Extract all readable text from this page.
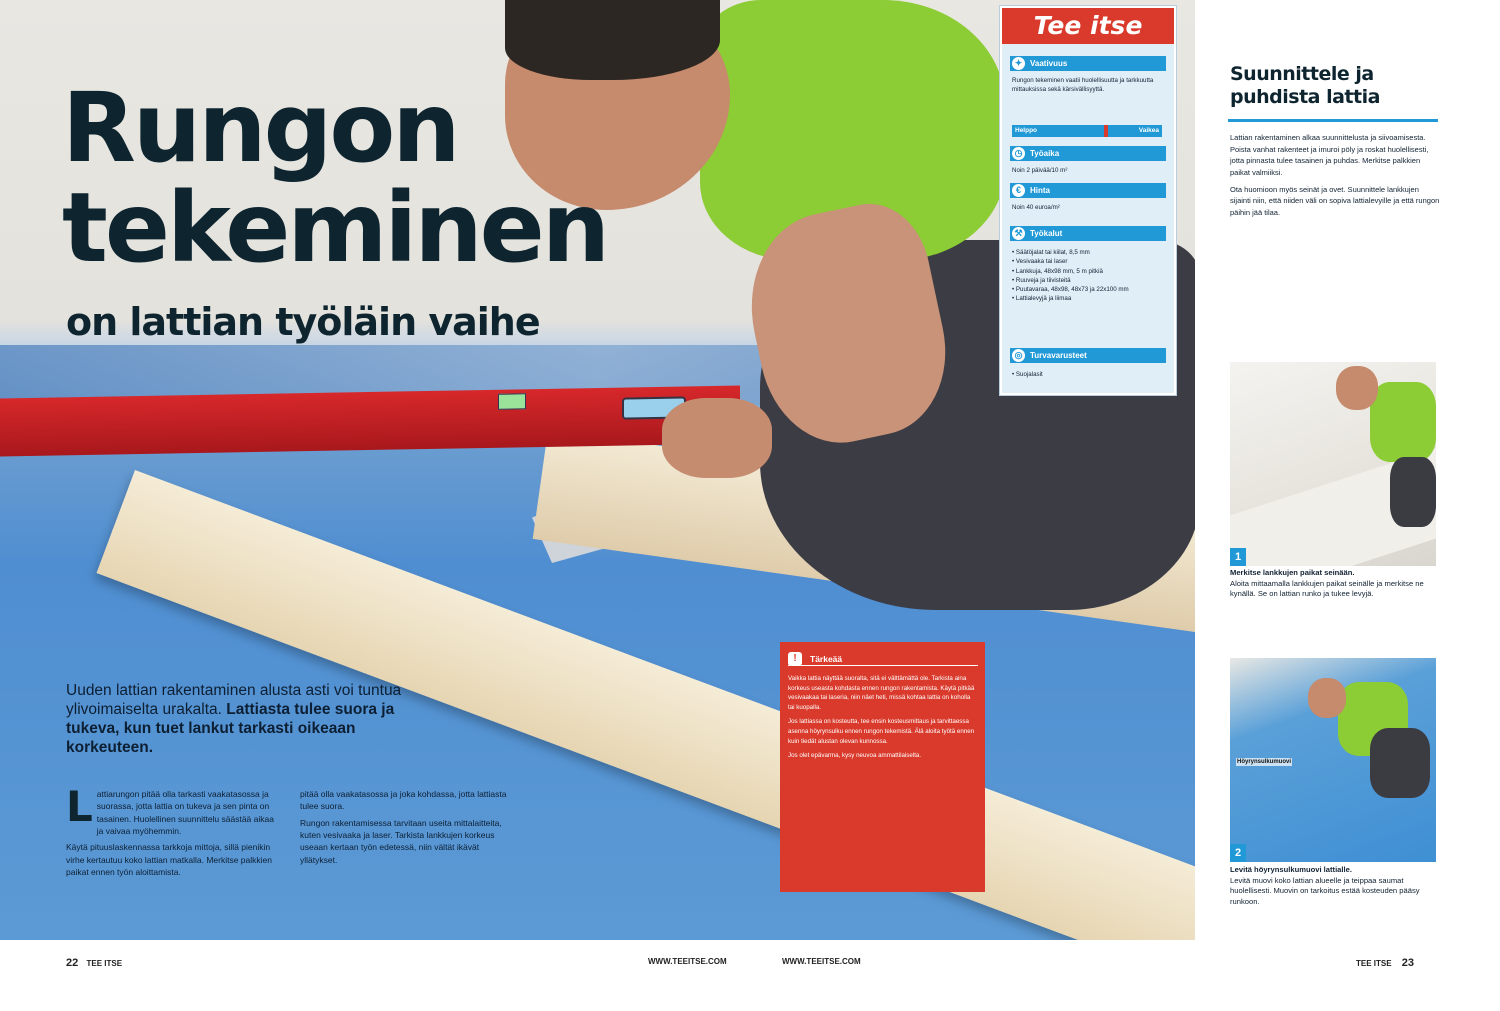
Rungon
tekeminen
on lattian työläin vaihe
Uuden lattian rakentaminen alusta asti voi tuntua ylivoimaiselta urakalta. Lattiasta tulee suora ja tukeva, kun tuet lankut tarkasti oikeaan korkeuteen.
L attiarungon pitää olla tarkasti vaakatasossa ja suorassa, jotta lattia on tukeva ja sen pinta on tasainen. Huolellinen suunnittelu säästää aikaa ja vaivaa myöhemmin.

Käytä pituuslaskennassa tarkkoja mittoja, sillä pienikin virhe kertautuu koko lattian matkalla. Merkitse palkkien paikat ennen työn aloittamista.

pitää olla vaakatasossa ja joka kohdassa, jotta lattiasta tulee suora.

Rungon rakentamisessa tarvitaan useita mittalaitteita, kuten vesivaaka ja laser. Tarkista lankkujen korkeus useaan kertaan työn edetessä, niin vältät ikävät yllätykset.

Tee itse
✦ Vaativuus
Rungon tekeminen vaatii huolellisuutta ja tarkkuutta mittauksissa sekä kärsivällisyyttä.
Helppo	Vaikea
◷ Työaika
Noin 2 päivää/10 m²
€	Hinta
Noin 40 euroa/m²
⚒ Työkalut
• Säätöjalat tai kiilat, 8,5 mm
• Vesivaaka tai laser
• Lankkuja, 48x98 mm, 5 m pitkiä
• Ruuveja ja tiivisteitä
• Puutavaraa, 48x98, 48x73 ja 22x100 mm
• Lattialevyjä ja liimaa
◎ Turvavarusteet
• Suojalasit
!	Tärkeää

Vaikka lattia näyttää suoralta, sitä ei välttämättä ole. Tarkista aina korkeus useasta kohdasta ennen rungon rakentamista. Käytä pitkää vesivaakaa tai laseria, niin näet heti, missä kohtaa lattia on koholla tai kuopalla.

Jos lattiassa on kosteutta, tee ensin kosteusmittaus ja tarvittaessa asenna höyrynsulku ennen rungon tekemistä. Älä aloita työtä ennen kuin tiedät alustan olevan kunnossa.

Jos olet epävarma, kysy neuvoa ammattilaiselta.

Suunnittele ja puhdista lattia

Lattian rakentaminen alkaa suunnittelusta ja siivoamisesta. Poista vanhat rakenteet ja imuroi pöly ja roskat huolellisesti, jotta pinnasta tulee tasainen ja puhdas. Merkitse palkkien paikat valmiiksi.

Ota huomioon myös seinät ja ovet. Suunnittele lankkujen sijainti niin, että niiden väli on sopiva lattialevyille ja että rungon päihin jää tilaa.

1
Merkitse lankkujen paikat seinään.
Aloita mittaamalla lankkujen paikat seinälle ja merkitse ne kynällä. Se on lattian runko ja tukee levyjä.
Höyrynsulkumuovi
2
Levitä höyrynsulkumuovi lattialle.
Levitä muovi koko lattian alueelle ja teippaa saumat huolellisesti. Muovin on tarkoitus estää kosteuden pääsy runkoon.
22 TEE ITSE	WWW.TEEITSE.COM	WWW.TEEITSE.COM	TEE ITSE 23
